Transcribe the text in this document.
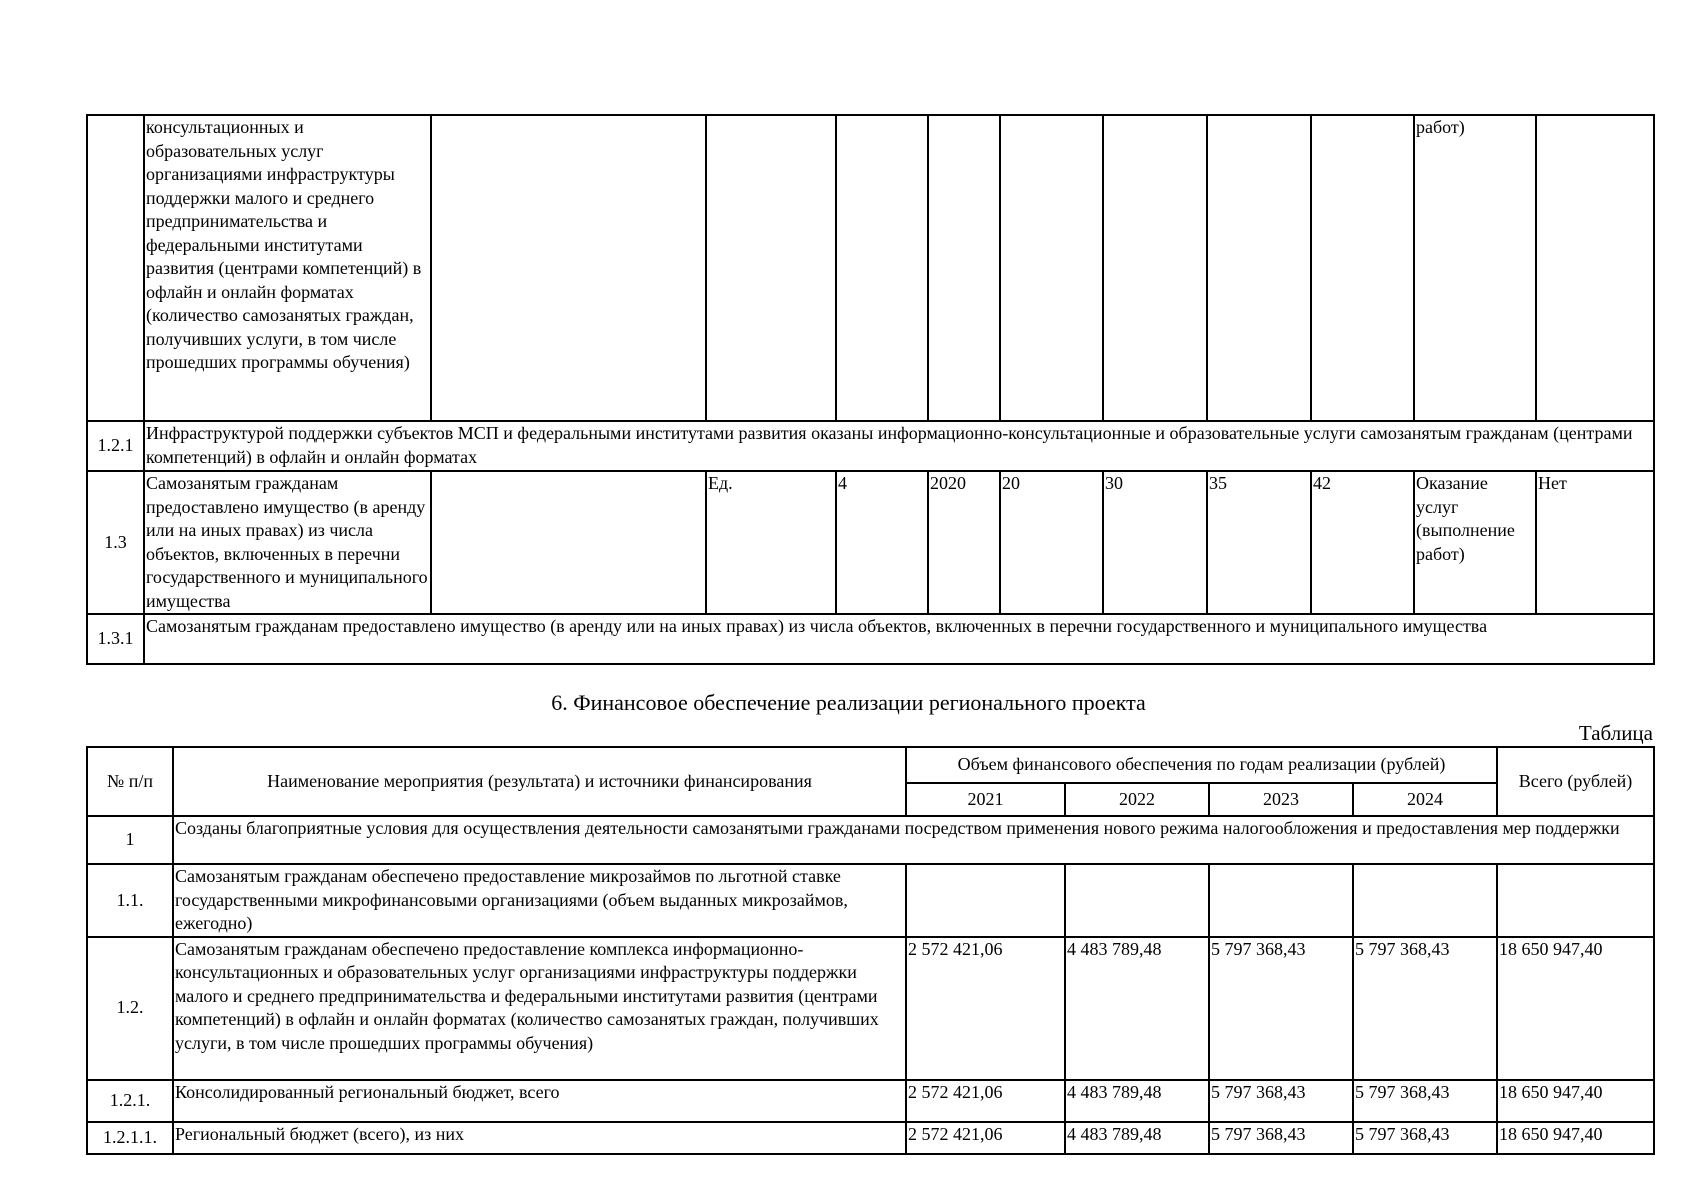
	консультационных и образовательных услуг организациями инфраструктуры поддержки малого и среднего предпринимательства и федеральными институтами развития (центрами компетенций) в офлайн и онлайн форматах (количество самозанятых граждан, получивших услуги, в том числе прошедших программы обучения)									работ)	
1.2.1	Инфраструктурой поддержки субъектов МСП и федеральными институтами развития оказаны информационно-консультационные и образовательные услуги самозанятым гражданам (центрами компетенций) в офлайн и онлайн форматах										
1.3	Самозанятым гражданам предоставлено имущество (в аренду или на иных правах) из числа объектов, включенных в перечни государственного и муниципального имущества		Ед.	4	2020	20	30	35	42	Оказание услуг (выполнение работ)	Нет
1.3.1	Самозанятым гражданам предоставлено имущество (в аренду или на иных правах) из числа объектов, включенных в перечни государственного и муниципального имущества										
6. Финансовое обеспечение реализации регионального проекта
Таблица
№ п/п	Наименование мероприятия (результата) и источники финансирования	Объем финансового обеспечения по годам реализации (рублей)				Всего (рублей)
		2021	2022	2023	2024	
1	Созданы благоприятные условия для осуществления деятельности самозанятыми гражданами посредством применения нового режима налогообложения и предоставления мер поддержки					
1.1.	Самозанятым гражданам обеспечено предоставление микрозаймов по льготной ставке государственными микрофинансовыми организациями (объем выданных микрозаймов, ежегодно)					
1.2.	Самозанятым гражданам обеспечено предоставление комплекса информационно-консультационных и образовательных услуг организациями инфраструктуры поддержки малого и среднего предпринимательства и федеральными институтами развития (центрами компетенций) в офлайн и онлайн форматах (количество самозанятых граждан, получивших услуги, в том числе прошедших программы обучения)	2 572 421,06	4 483 789,48	5 797 368,43	5 797 368,43	18 650 947,40
1.2.1.	Консолидированный региональный бюджет, всего	2 572 421,06	4 483 789,48	5 797 368,43	5 797 368,43	18 650 947,40
1.2.1.1.	Региональный бюджет (всего), из них	2 572 421,06	4 483 789,48	5 797 368,43	5 797 368,43	18 650 947,40
